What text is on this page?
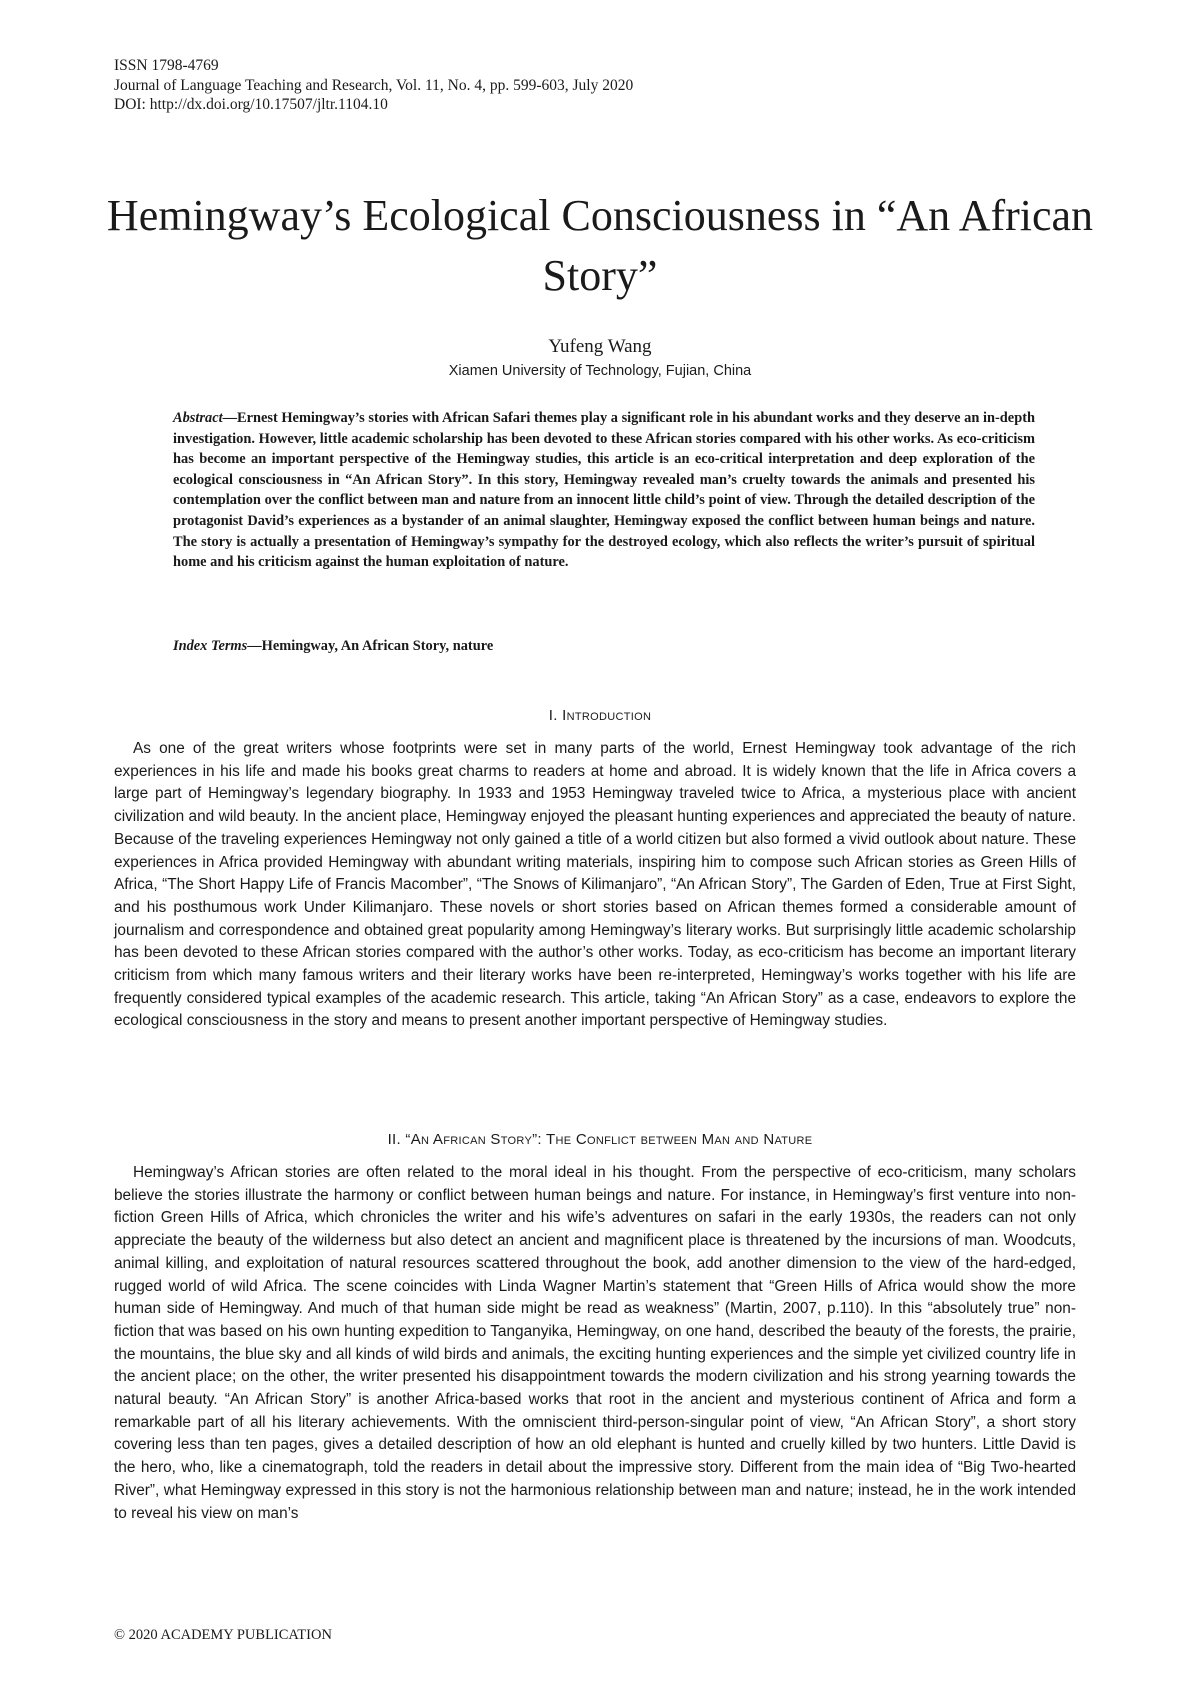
ISSN 1798-4769
Journal of Language Teaching and Research, Vol. 11, No. 4, pp. 599-603, July 2020
DOI: http://dx.doi.org/10.17507/jltr.1104.10
Hemingway’s Ecological Consciousness in “An African Story”
Yufeng Wang
Xiamen University of Technology, Fujian, China
Abstract—Ernest Hemingway’s stories with African Safari themes play a significant role in his abundant works and they deserve an in-depth investigation. However, little academic scholarship has been devoted to these African stories compared with his other works. As eco-criticism has become an important perspective of the Hemingway studies, this article is an eco-critical interpretation and deep exploration of the ecological consciousness in “An African Story”. In this story, Hemingway revealed man’s cruelty towards the animals and presented his contemplation over the conflict between man and nature from an innocent little child’s point of view. Through the detailed description of the protagonist David’s experiences as a bystander of an animal slaughter, Hemingway exposed the conflict between human beings and nature. The story is actually a presentation of Hemingway’s sympathy for the destroyed ecology, which also reflects the writer’s pursuit of spiritual home and his criticism against the human exploitation of nature.
Index Terms—Hemingway, An African Story, nature
I. Introduction
As one of the great writers whose footprints were set in many parts of the world, Ernest Hemingway took advantage of the rich experiences in his life and made his books great charms to readers at home and abroad. It is widely known that the life in Africa covers a large part of Hemingway’s legendary biography. In 1933 and 1953 Hemingway traveled twice to Africa, a mysterious place with ancient civilization and wild beauty. In the ancient place, Hemingway enjoyed the pleasant hunting experiences and appreciated the beauty of nature. Because of the traveling experiences Hemingway not only gained a title of a world citizen but also formed a vivid outlook about nature. These experiences in Africa provided Hemingway with abundant writing materials, inspiring him to compose such African stories as Green Hills of Africa, “The Short Happy Life of Francis Macomber”, “The Snows of Kilimanjaro”, “An African Story”, The Garden of Eden, True at First Sight, and his posthumous work Under Kilimanjaro. These novels or short stories based on African themes formed a considerable amount of journalism and correspondence and obtained great popularity among Hemingway’s literary works. But surprisingly little academic scholarship has been devoted to these African stories compared with the author’s other works. Today, as eco-criticism has become an important literary criticism from which many famous writers and their literary works have been re-interpreted, Hemingway’s works together with his life are frequently considered typical examples of the academic research. This article, taking “An African Story” as a case, endeavors to explore the ecological consciousness in the story and means to present another important perspective of Hemingway studies.
II. “An African Story”: The Conflict between Man and Nature
Hemingway’s African stories are often related to the moral ideal in his thought. From the perspective of eco-criticism, many scholars believe the stories illustrate the harmony or conflict between human beings and nature. For instance, in Hemingway’s first venture into non-fiction Green Hills of Africa, which chronicles the writer and his wife’s adventures on safari in the early 1930s, the readers can not only appreciate the beauty of the wilderness but also detect an ancient and magnificent place is threatened by the incursions of man. Woodcuts, animal killing, and exploitation of natural resources scattered throughout the book, add another dimension to the view of the hard-edged, rugged world of wild Africa. The scene coincides with Linda Wagner Martin’s statement that “Green Hills of Africa would show the more human side of Hemingway. And much of that human side might be read as weakness” (Martin, 2007, p.110). In this “absolutely true” non-fiction that was based on his own hunting expedition to Tanganyika, Hemingway, on one hand, described the beauty of the forests, the prairie, the mountains, the blue sky and all kinds of wild birds and animals, the exciting hunting experiences and the simple yet civilized country life in the ancient place; on the other, the writer presented his disappointment towards the modern civilization and his strong yearning towards the natural beauty. “An African Story” is another Africa-based works that root in the ancient and mysterious continent of Africa and form a remarkable part of all his literary achievements. With the omniscient third-person-singular point of view, “An African Story”, a short story covering less than ten pages, gives a detailed description of how an old elephant is hunted and cruelly killed by two hunters. Little David is the hero, who, like a cinematograph, told the readers in detail about the impressive story. Different from the main idea of “Big Two-hearted River”, what Hemingway expressed in this story is not the harmonious relationship between man and nature; instead, he in the work intended to reveal his view on man’s
© 2020 ACADEMY PUBLICATION
